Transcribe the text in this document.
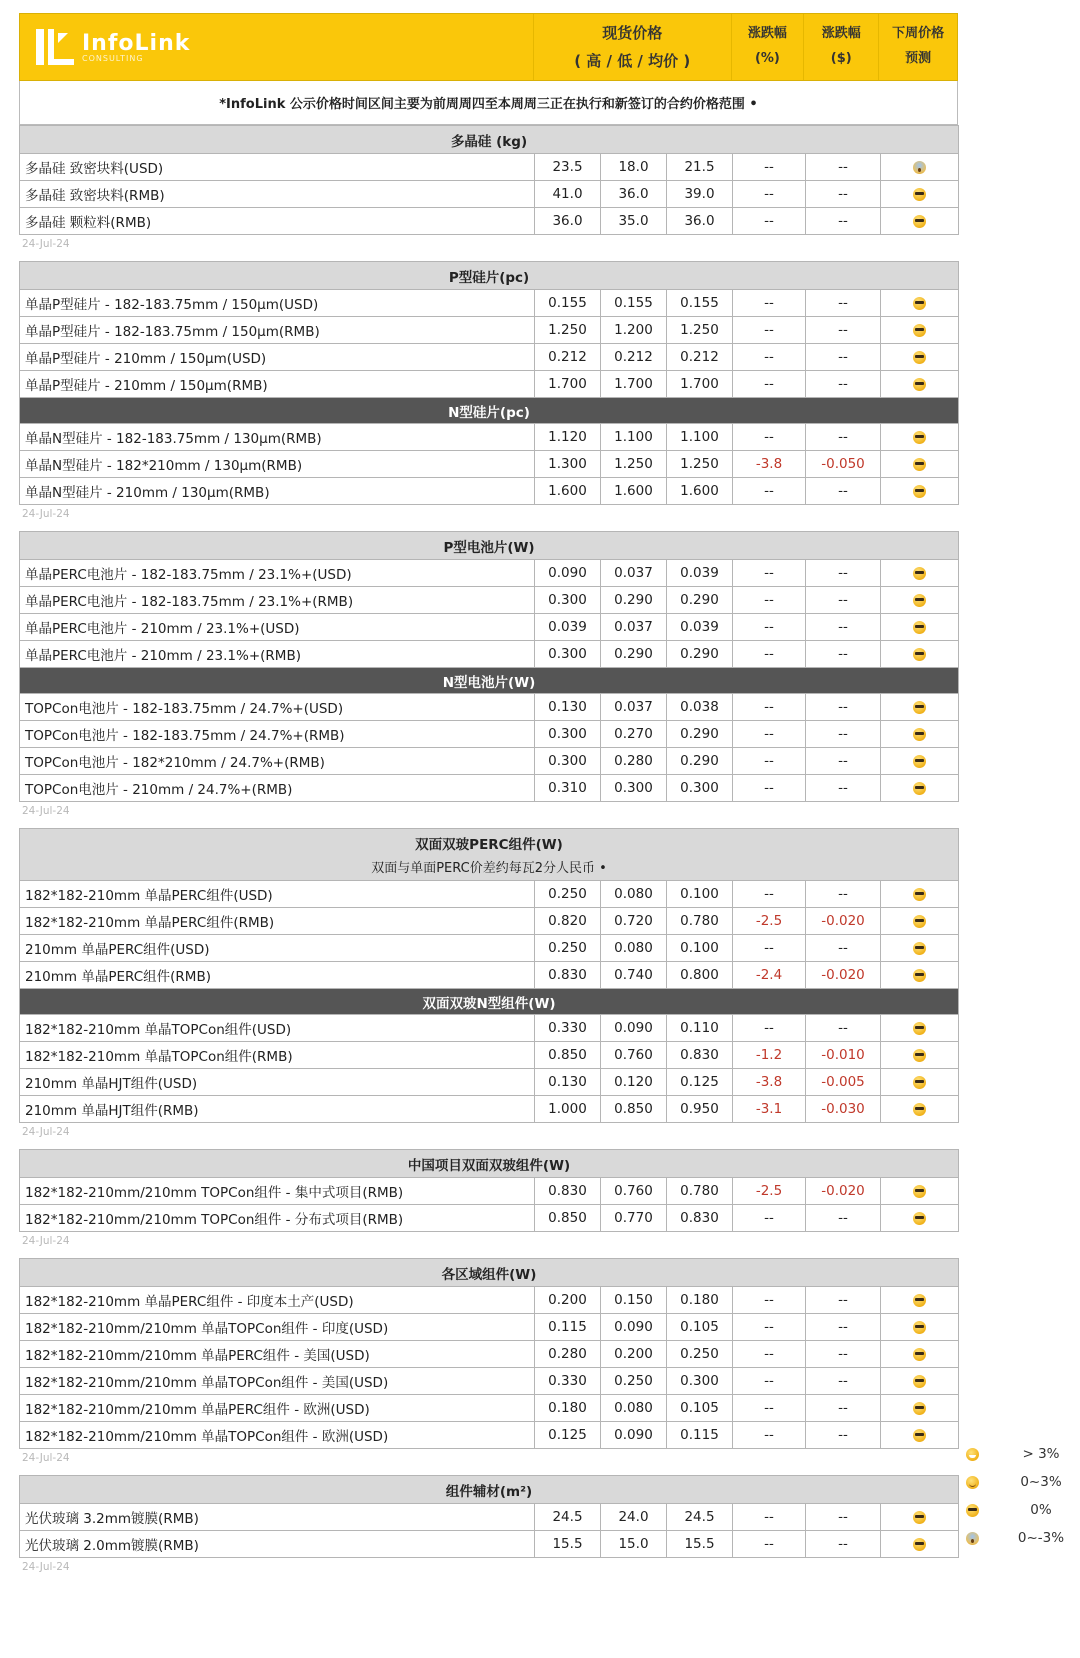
InfoLink
CONSULTING
现货价格
( 高 / 低 / 均价 )
涨跌幅
(%)
涨跌幅
($)
下周价格
预测
*InfoLink 公示价格时间区间主要为前周周四至本周周三正在执行和新签订的合约价格范围 •
多晶硅 (kg)						
多晶硅 致密块料(USD)	23.5	18.0	21.5	--	--	
多晶硅 致密块料(RMB)	41.0	36.0	39.0	--	--	
多晶硅 颗粒料(RMB)	36.0	35.0	36.0	--	--	
24-Jul-24
P型硅片(pc)						
单晶P型硅片 - 182-183.75mm / 150µm(USD)	0.155	0.155	0.155	--	--	
单晶P型硅片 - 182-183.75mm / 150µm(RMB)	1.250	1.200	1.250	--	--	
单晶P型硅片 - 210mm / 150µm(USD)	0.212	0.212	0.212	--	--	
单晶P型硅片 - 210mm / 150µm(RMB)	1.700	1.700	1.700	--	--	
N型硅片(pc)						
单晶N型硅片 - 182-183.75mm / 130µm(RMB)	1.120	1.100	1.100	--	--	
单晶N型硅片 - 182*210mm / 130µm(RMB)	1.300	1.250	1.250	-3.8	-0.050	
单晶N型硅片 - 210mm / 130µm(RMB)	1.600	1.600	1.600	--	--	
24-Jul-24
P型电池片(W)						
单晶PERC电池片 - 182-183.75mm / 23.1%+(USD)	0.090	0.037	0.039	--	--	
单晶PERC电池片 - 182-183.75mm / 23.1%+(RMB)	0.300	0.290	0.290	--	--	
单晶PERC电池片 - 210mm / 23.1%+(USD)	0.039	0.037	0.039	--	--	
单晶PERC电池片 - 210mm / 23.1%+(RMB)	0.300	0.290	0.290	--	--	
N型电池片(W)						
TOPCon电池片 - 182-183.75mm / 24.7%+(USD)	0.130	0.037	0.038	--	--	
TOPCon电池片 - 182-183.75mm / 24.7%+(RMB)	0.300	0.270	0.290	--	--	
TOPCon电池片 - 182*210mm / 24.7%+(RMB)	0.300	0.280	0.290	--	--	
TOPCon电池片 - 210mm / 24.7%+(RMB)	0.310	0.300	0.300	--	--	
24-Jul-24
双面双玻PERC组件(W)
双面与单面PERC价差约每瓦2分人民币 •						

182*182-210mm 单晶PERC组件(USD)	0.250	0.080	0.100	--	--	
182*182-210mm 单晶PERC组件(RMB)	0.820	0.720	0.780	-2.5	-0.020	
210mm 单晶PERC组件(USD)	0.250	0.080	0.100	--	--	
210mm 单晶PERC组件(RMB)	0.830	0.740	0.800	-2.4	-0.020	
双面双玻N型组件(W)						
182*182-210mm 单晶TOPCon组件(USD)	0.330	0.090	0.110	--	--	
182*182-210mm 单晶TOPCon组件(RMB)	0.850	0.760	0.830	-1.2	-0.010	
210mm 单晶HJT组件(USD)	0.130	0.120	0.125	-3.8	-0.005	
210mm 单晶HJT组件(RMB)	1.000	0.850	0.950	-3.1	-0.030	
24-Jul-24
中国项目双面双玻组件(W)						
182*182-210mm/210mm TOPCon组件 - 集中式项目(RMB)	0.830	0.760	0.780	-2.5	-0.020	
182*182-210mm/210mm TOPCon组件 - 分布式项目(RMB)	0.850	0.770	0.830	--	--	
24-Jul-24
各区域组件(W)						
182*182-210mm 单晶PERC组件 - 印度本土产(USD)	0.200	0.150	0.180	--	--	
182*182-210mm/210mm 单晶TOPCon组件 - 印度(USD)	0.115	0.090	0.105	--	--	
182*182-210mm/210mm 单晶PERC组件 - 美国(USD)	0.280	0.200	0.250	--	--	
182*182-210mm/210mm 单晶TOPCon组件 - 美国(USD)	0.330	0.250	0.300	--	--	
182*182-210mm/210mm 单晶PERC组件 - 欧洲(USD)	0.180	0.080	0.105	--	--	
182*182-210mm/210mm 单晶TOPCon组件 - 欧洲(USD)	0.125	0.090	0.115	--	--	
24-Jul-24
组件辅材(m²)						
光伏玻璃 3.2mm镀膜(RMB)	24.5	24.0	24.5	--	--	
光伏玻璃 2.0mm镀膜(RMB)	15.5	15.0	15.5	--	--	
24-Jul-24
> 3%
0~3%
0%
0~-3%
